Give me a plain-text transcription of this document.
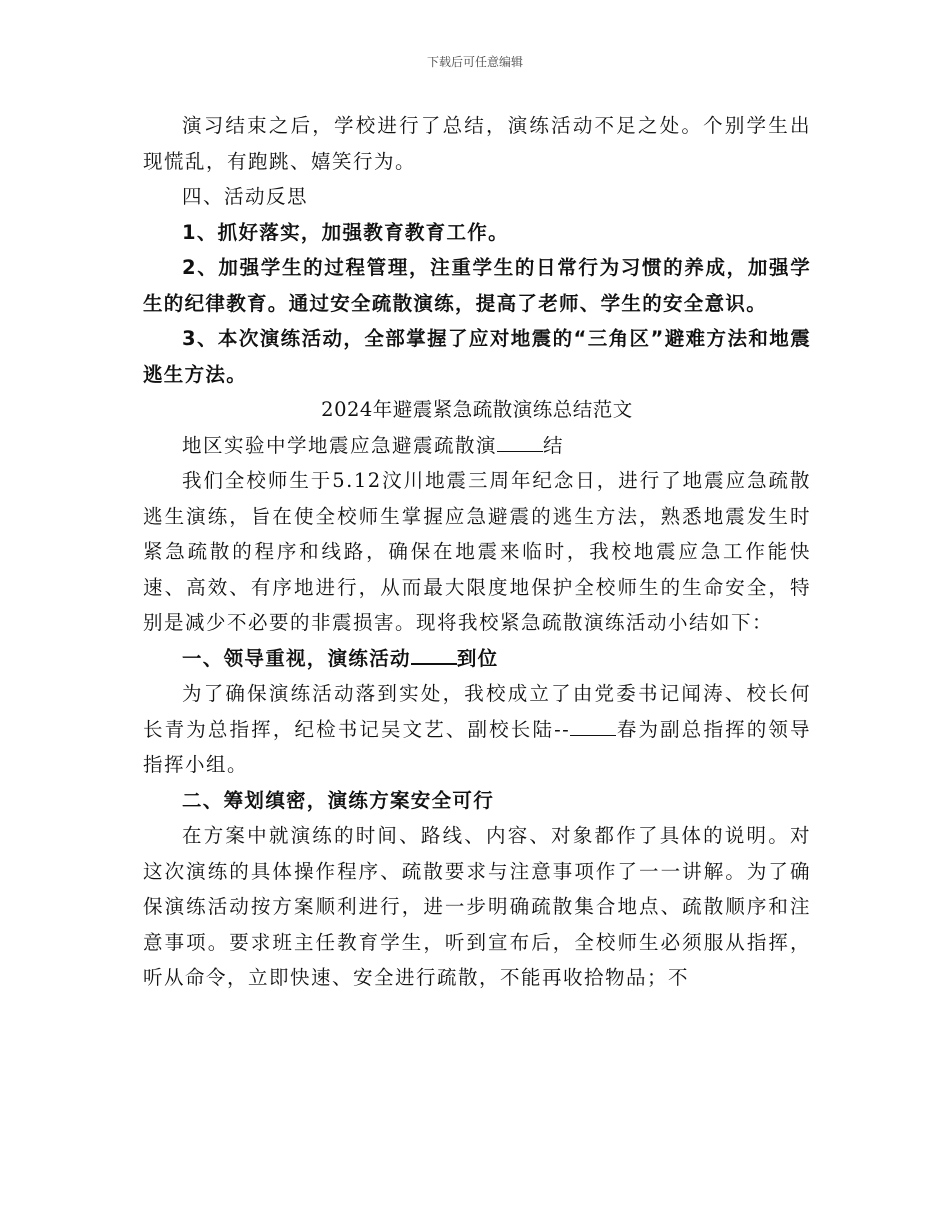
下载后可任意编辑

演习结束之后，学校进行了总结，演练活动不足之处。个别学生出现慌乱，有跑跳、嬉笑行为。

四、活动反思

1、抓好落实，加强教育教育工作。

2、加强学生的过程管理，注重学生的日常行为习惯的养成，加强学生的纪律教育。通过安全疏散演练，提高了老师、学生的安全意识。

3、本次演练活动，全部掌握了应对地震的“三角区”避难方法和地震逃生方法。

2024年避震紧急疏散演练总结范文

地区实验中学地震应急避震疏散演 结

我们全校师生于5.12汶川地震三周年纪念日，进行了地震应急疏散逃生演练，旨在使全校师生掌握应急避震的逃生方法，熟悉地震发生时紧急疏散的程序和线路，确保在地震来临时，我校地震应急工作能快速、高效、有序地进行，从而最大限度地保护全校师生的生命安全，特别是减少不必要的非震损害。现将我校紧急疏散演练活动小结如下：

一、领导重视，演练活动 到位

为了确保演练活动落到实处，我校成立了由党委书记闻涛、校长何长青为总指挥，纪检书记吴文艺、副校长陆-- 春为副总指挥的领导指挥小组。

二、筹划缜密，演练方案安全可行

在方案中就演练的时间、路线、内容、对象都作了具体的说明。对这次演练的具体操作程序、疏散要求与注意事项作了一一讲解。为了确保演练活动按方案顺利进行，进一步明确疏散集合地点、疏散顺序和注意事项。要求班主任教育学生，听到宣布后，全校师生必须服从指挥，听从命令，立即快速、安全进行疏散，不能再收拾物品；不
